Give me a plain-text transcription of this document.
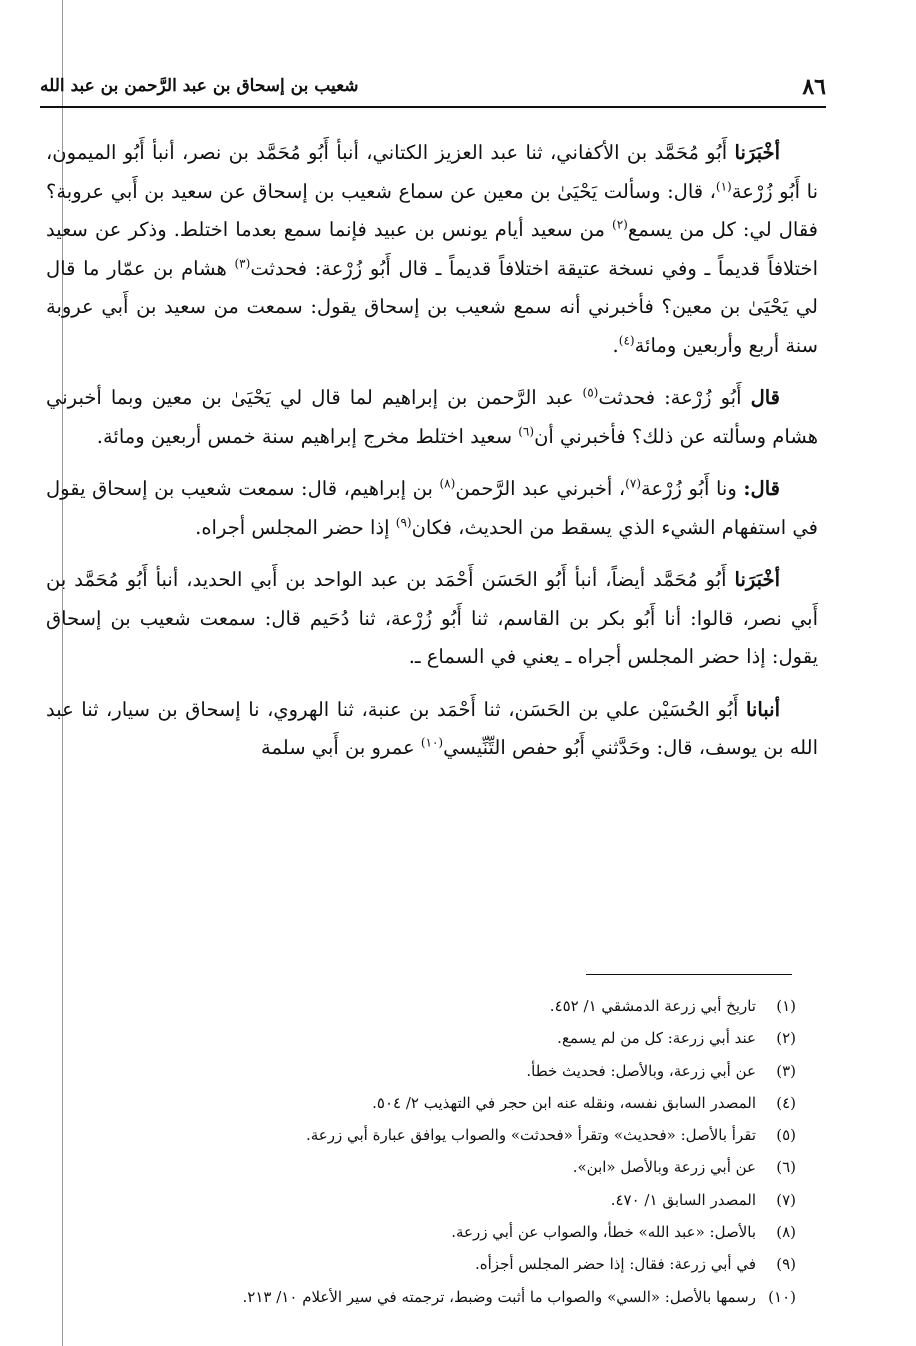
٨٦
شعيب بن إسحاق بن عبد الرَّحمن بن عبد الله

أخْبَرَنا أَبُو مُحَمَّد بن الأكفاني، ثنا عبد العزيز الكتاني، أنبأ أَبُو مُحَمَّد بن نصر، أنبأ أَبُو الميمون، نا أَبُو زُرْعة$^{(١)}$، قال: وسألت يَحْيَىٰ بن معين عن سماع شعيب بن إسحاق عن سعيد بن أَبي عروبة؟ فقال لي: كل من يسمع$^{(٢)}$ من سعيد أيام يونس بن عبيد فإنما سمع بعدما اختلط. وذكر عن سعيد اختلافاً قديماً ـ وفي نسخة عتيقة اختلافاً قديماً ـ قال أَبُو زُرْعة: فحدثت$^{(٣)}$ هشام بن عمّار ما قال لي يَحْيَىٰ بن معين؟ فأخبرني أنه سمع شعيب بن إسحاق يقول: سمعت من سعيد بن أَبي عروبة سنة أربع وأربعين ومائة$^{(٤)}$.

قال أَبُو زُرْعة: فحدثت$^{(٥)}$ عبد الرَّحمن بن إبراهيم لما قال لي يَحْيَىٰ بن معين وبما أخبرني هشام وسألته عن ذلك؟ فأخبرني أن$^{(٦)}$ سعيد اختلط مخرج إبراهيم سنة خمس أربعين ومائة.

قال: ونا أَبُو زُرْعة$^{(٧)}$، أخبرني عبد الرَّحمن$^{(٨)}$ بن إبراهيم، قال: سمعت شعيب بن إسحاق يقول في استفهام الشيء الذي يسقط من الحديث، فكان$^{(٩)}$ إذا حضر المجلس أجراه.

أخْبَرَنا أَبُو مُحَمَّد أيضاً، أنبأ أَبُو الحَسَن أَحْمَد بن عبد الواحد بن أَبي الحديد، أنبأ أَبُو مُحَمَّد بن أَبي نصر، قالوا: أنا أَبُو بكر بن القاسم، ثنا أَبُو زُرْعة، ثنا دُحَيم قال: سمعت شعيب بن إسحاق يقول: إذا حضر المجلس أجراه ـ يعني في السماع ـ.

أنبانا أَبُو الحُسَيْن علي بن الحَسَن، ثنا أَحْمَد بن عنبة، ثنا الهروي، نا إسحاق بن سيار، ثنا عبد الله بن يوسف، قال: وحَدَّثني أَبُو حفص التِّنِّيسي$^{(١٠)}$ عمرو بن أَبي سلمة

(١)تاريخ أبي زرعة الدمشقي ١/ ٤٥٢.
(٢)عند أبي زرعة: كل من لم يسمع.
(٣)عن أبي زرعة، وبالأصل: فحديث خطأ.
(٤)المصدر السابق نفسه، ونقله عنه ابن حجر في التهذيب ٢/ ٥٠٤.
(٥)تقرأ بالأصل: «فحديث» وتقرأ «فحدثت» والصواب يوافق عبارة أبي زرعة.
(٦)عن أبي زرعة وبالأصل «ابن».
(٧)المصدر السابق ١/ ٤٧٠.
(٨)بالأصل: «عبد الله» خطأ، والصواب عن أبي زرعة.
(٩)في أبي زرعة: فقال: إذا حضر المجلس أجزأه.
(١٠)رسمها بالأصل: «السي» والصواب ما أثبت وضبط، ترجمته في سير الأعلام ١٠/ ٢١٣.
